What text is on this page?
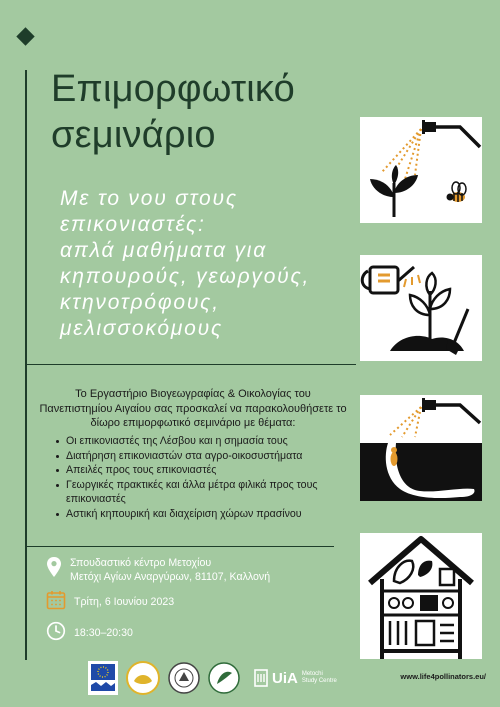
Επιμορφωτικό
σεμινάριο
Με το νου στους
επικονιαστές:
απλά μαθήματα για
κηπουρούς, γεωργούς,
κτηνοτρόφους,
μελισσοκόμους

Το Εργαστήριο Βιογεωγραφίας & Οικολογίας του Πανεπιστημίου Αιγαίου σας προσκαλεί να παρακολουθήσετε το δίωρο επιμορφωτικό σεμινάριο με θέματα:

Οι επικονιαστές της Λέσβου και η σημασία τους
Διατήρηση επικονιαστών στα αγρο-οικοσυστήματα
Απειλές προς τους επικονιαστές
Γεωργικές πρακτικές και άλλα μέτρα φιλικά προς τους επικονιαστές
Αστική κηπουρική και διαχείριση χώρων πρασίνου
Σπουδαστικό κέντρο Μετοχίου
Μετόχι Αγίων Αναργύρων, 81107, Καλλονή
Τρίτη, 6 Ιουνίου 2023
18:30–20:30
UiA Metochi
Study Centre	www.life4pollinators.eu/
